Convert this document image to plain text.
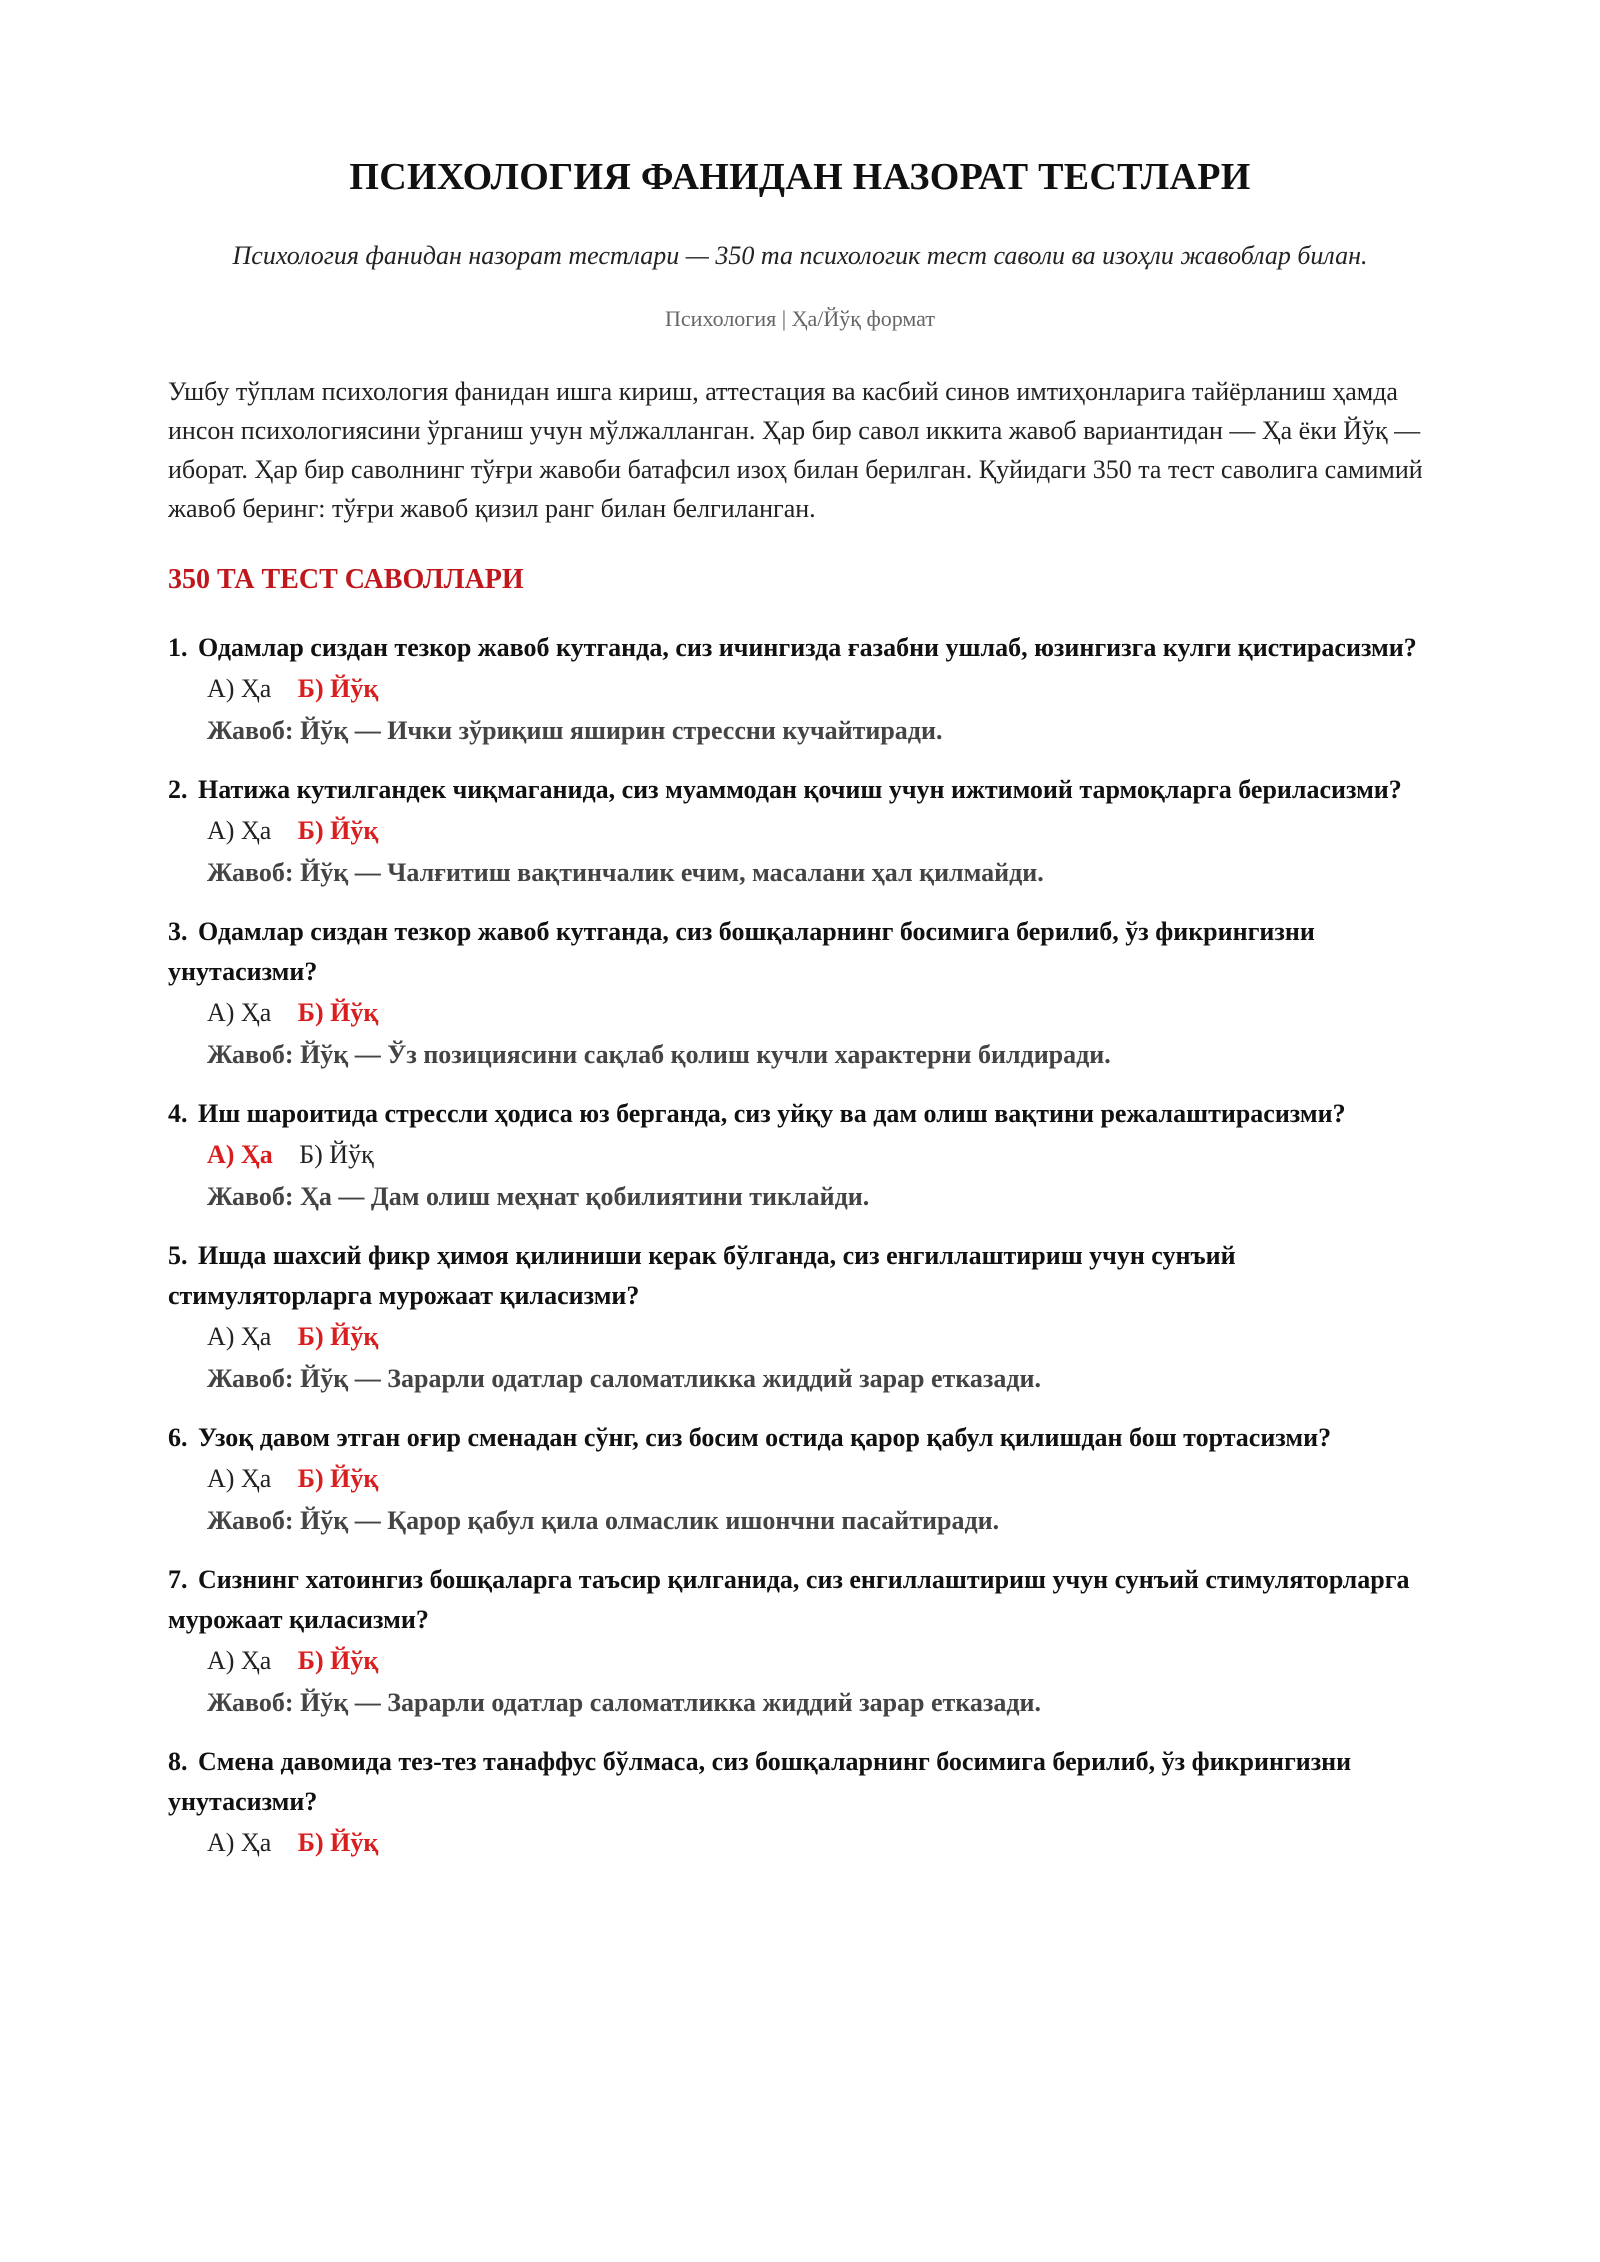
ПСИХОЛОГИЯ ФАНИДАН НАЗОРАТ ТЕСТЛАРИ
Психология фанидан назорат тестлари — 350 та психологик тест саволи ва изоҳли жавоблар билан.
Психология | Ҳа/Йўқ формат
Ушбу тўплам психология фанидан ишга кириш, аттестация ва касбий синов имтиҳонларига тайёрланиш ҳамда инсон психологиясини ўрганиш учун мўлжалланган. Ҳар бир савол иккита жавоб вариантидан — Ҳа ёки Йўқ — иборат. Ҳар бир саволнинг тўғри жавоби батафсил изоҳ билан берилган. Қуйидаги 350 та тест саволига самимий жавоб беринг: тўғри жавоб қизил ранг билан белгиланган.
350 ТА ТЕСТ САВОЛЛАРИ
1. Одамлар сиздан тезкор жавоб кутганда, сиз ичингизда ғазабни ушлаб, юзингизга кулги қистирасизми?
А) Ҳа Б) Йўқ
Жавоб: Йўқ — Ички зўриқиш яширин стрессни кучайтиради.
2. Натижа кутилгандек чиқмаганида, сиз муаммодан қочиш учун ижтимоий тармоқларга бериласизми?
А) Ҳа Б) Йўқ
Жавоб: Йўқ — Чалғитиш вақтинчалик ечим, масалани ҳал қилмайди.
3. Одамлар сиздан тезкор жавоб кутганда, сиз бошқаларнинг босимига берилиб, ўз фикрингизни унутасизми?
А) Ҳа Б) Йўқ
Жавоб: Йўқ — Ўз позициясини сақлаб қолиш кучли характерни билдиради.
4. Иш шароитида стрессли ҳодиса юз берганда, сиз уйқу ва дам олиш вақтини режалаштирасизми?
А) Ҳа Б) Йўқ
Жавоб: Ҳа — Дам олиш меҳнат қобилиятини тиклайди.
5. Ишда шахсий фикр ҳимоя қилиниши керак бўлганда, сиз енгиллаштириш учун сунъий стимуляторларга мурожаат қиласизми?
А) Ҳа Б) Йўқ
Жавоб: Йўқ — Зарарли одатлар саломатликка жиддий зарар етказади.
6. Узоқ давом этган оғир сменадан сўнг, сиз босим остида қарор қабул қилишдан бош тортасизми?
А) Ҳа Б) Йўқ
Жавоб: Йўқ — Қарор қабул қила олмаслик ишончни пасайтиради.
7. Сизнинг хатоингиз бошқаларга таъсир қилганида, сиз енгиллаштириш учун сунъий стимуляторларга мурожаат қиласизми?
А) Ҳа Б) Йўқ
Жавоб: Йўқ — Зарарли одатлар саломатликка жиддий зарар етказади.
8. Смена давомида тез-тез танаффус бўлмаса, сиз бошқаларнинг босимига берилиб, ўз фикрингизни унутасизми?
А) Ҳа Б) Йўқ
